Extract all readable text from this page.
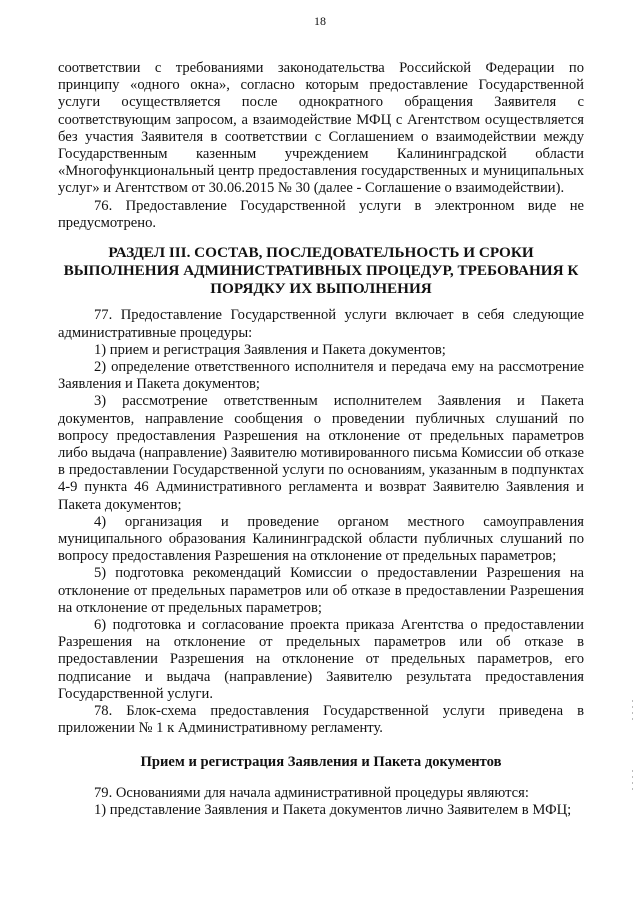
18

соответствии с требованиями законодательства Российской Федерации по принципу «одного окна», согласно которым предоставление Государственной услуги осуществляется после однократного обращения Заявителя с соответствующим запросом, а взаимодействие МФЦ с Агентством осуществляется без участия Заявителя в соответствии с Соглашением о взаимодействии между Государственным казенным учреждением Калининградской области «Многофункциональный центр предоставления государственных и муниципальных услуг» и Агентством от 30.06.2015 № 30 (далее - Соглашение о взаимодействии).

76. Предоставление Государственной услуги в электронном виде не предусмотрено.

РАЗДЕЛ III. СОСТАВ, ПОСЛЕДОВАТЕЛЬНОСТЬ И СРОКИ ВЫПОЛНЕНИЯ АДМИНИСТРАТИВНЫХ ПРОЦЕДУР, ТРЕБОВАНИЯ К ПОРЯДКУ ИХ ВЫПОЛНЕНИЯ

77. Предоставление Государственной услуги включает в себя следующие административные процедуры:

1) прием и регистрация Заявления и Пакета документов;

2) определение ответственного исполнителя и передача ему на рассмотрение Заявления и Пакета документов;

3) рассмотрение ответственным исполнителем Заявления и Пакета документов, направление сообщения о проведении публичных слушаний по вопросу предоставления Разрешения на отклонение от предельных параметров либо выдача (направление) Заявителю мотивированного письма Комиссии об отказе в предоставлении Государственной услуги по основаниям, указанным в подпунктах 4-9 пункта 46 Административного регламента и возврат Заявителю Заявления и Пакета документов;

4) организация и проведение органом местного самоуправления муниципального образования Калининградской области публичных слушаний по вопросу предоставления Разрешения на отклонение от предельных параметров;

5) подготовка рекомендаций Комиссии о предоставлении Разрешения на отклонение от предельных параметров или об отказе в предоставлении Разрешения на отклонение от предельных параметров;

6) подготовка и согласование проекта приказа Агентства о предоставлении Разрешения на отклонение от предельных параметров или об отказе в предоставлении Разрешения на отклонение от предельных параметров, его подписание и выдача (направление) Заявителю результата предоставления Государственной услуги.

78. Блок-схема предоставления Государственной услуги приведена в приложении № 1 к Административному регламенту.

Прием и регистрация Заявления и Пакета документов

79. Основаниями для начала административной процедуры являются:

1) представление Заявления и Пакета документов лично Заявителем в МФЦ;
